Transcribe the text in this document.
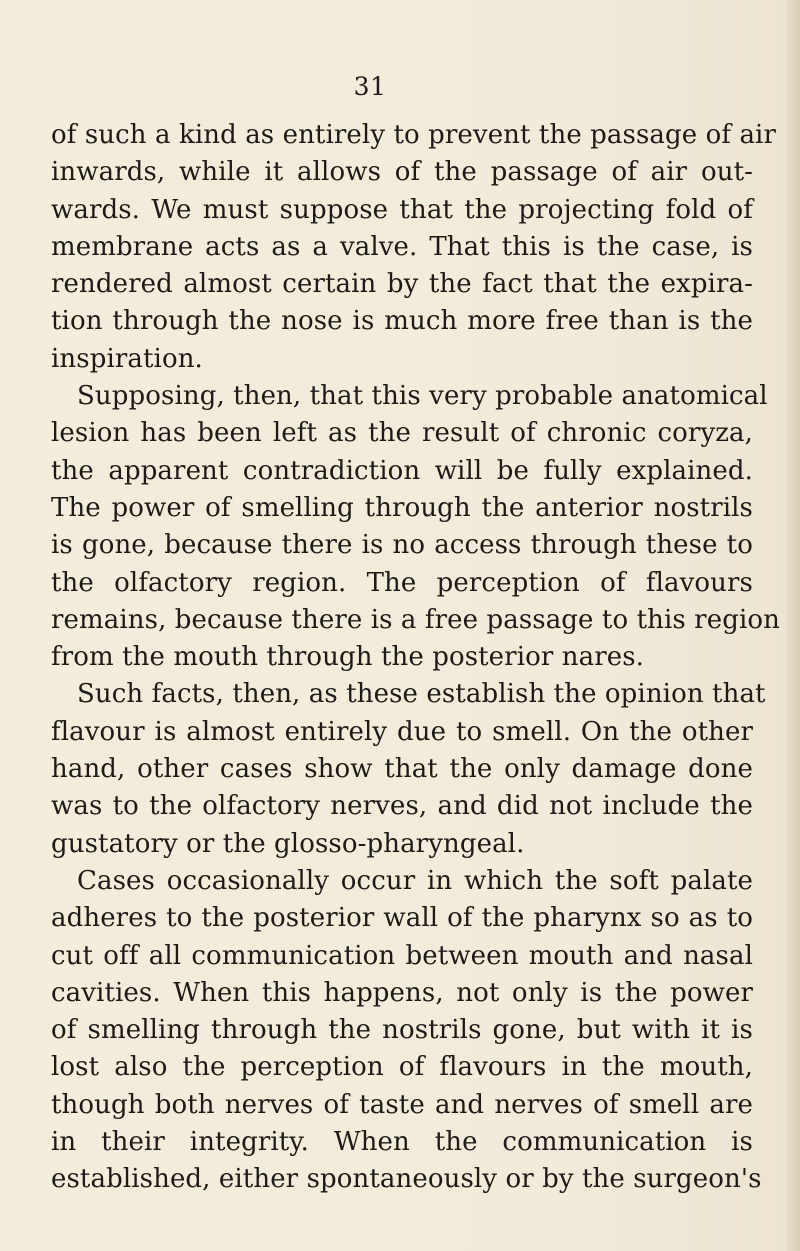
31
of such a kind as entirely to prevent the passage of air
inwards, while it allows of the passage of air out-
wards. We must suppose that the projecting fold of
membrane acts as a valve. That this is the case, is
rendered almost certain by the fact that the expira-
tion through the nose is much more free than is the
inspiration.
Supposing, then, that this very probable anatomical
lesion has been left as the result of chronic coryza,
the apparent contradiction will be fully explained.
The power of smelling through the anterior nostrils
is gone, because there is no access through these to
the olfactory region. The perception of flavours
remains, because there is a free passage to this region
from the mouth through the posterior nares.
Such facts, then, as these establish the opinion that
flavour is almost entirely due to smell. On the other
hand, other cases show that the only damage done
was to the olfactory nerves, and did not include the
gustatory or the glosso-pharyngeal.
Cases occasionally occur in which the soft palate
adheres to the posterior wall of the pharynx so as to
cut off all communication between mouth and nasal
cavities. When this happens, not only is the power
of smelling through the nostrils gone, but with it is
lost also the perception of flavours in the mouth,
though both nerves of taste and nerves of smell are
in their integrity. When the communication is
established, either spontaneously or by the surgeon's
